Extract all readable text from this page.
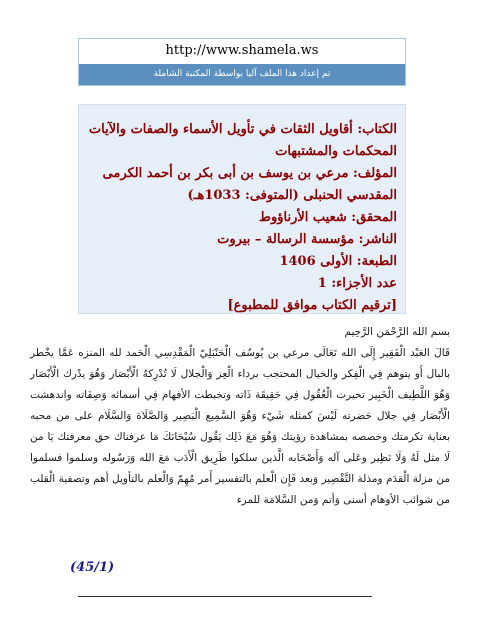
http://www.shamela.ws
تم إعداد هذا الملف آليا بواسطة المكتبة الشاملة
الكتاب: أقاويل الثقات في تأويل الأسماء والصفات والآيات المحكمات والمشتبهات
المؤلف: مرعي بن يوسف بن أبى بكر بن أحمد الكرمى المقدسي الحنبلى (المتوفى: 1033هـ)
المحقق: شعيب الأرناؤوط
الناشر: مؤسسة الرسالة – بيروت
الطبعة: الأولى 1406
عدد الأجزاء: 1
[ترقيم الكتاب موافق للمطبوع]
بسم الله الرَّحْمَن الرَّحِيم
قَالَ العَبْد الْفَقِير إِلَى الله تَعَالَى مرعي بن يُوسُف الْحَنْبَلِيّ الْمَقْدِسِي الْحَمد لله المنزه عَمَّا يخْطر بالبال أَو يتوهم فِي الْفِكر والخيال المحتجب برداء الْعِز وَالْجلال لَا تُدْرِكهُ الْأَبْصَار وَهُوَ يدْرك الْأَبْصَار وَهُوَ اللَّطِيف الْخَبِير تحيرت الْعُقُول فِي حَقِيقَة ذَاته وتخبطت الأفهام فِي أسمائه وَصِفَاته واندهشت الْأَبْصَار فِي جلال حَضرته لَيْسَ كمثله شَيْء وَهُوَ السَّمِيع الْبَصِير وَالصَّلَاة وَالسَّلَام على من محبه بعناية تكرمتك وخصصه بمشاهدة رؤيتك وَهُوَ مَعَ ذَلِك يَقُول سُبْحَانَكَ مَا عرفناك حق معرفتك يَا من لَا مثل لَهُ وَلَا نَظِير وعَلى آله وَأَصْحَابه الَّذين سلكوا طَرِيق الْأَدَب مَعَ الله وَرَسُوله وسلموا فسلموا من مزلة الْقدَم ومذلة التَّقْصِير وَبعد فَإِن الْعلم بالتفسير أَمر مُهِمّ وَالْعلم بالتأويل أهم وتصفية الْقلب من شوائب الأوهام أسنى وَأتم وَمن السَّلامَة للمرء
(45/1)
